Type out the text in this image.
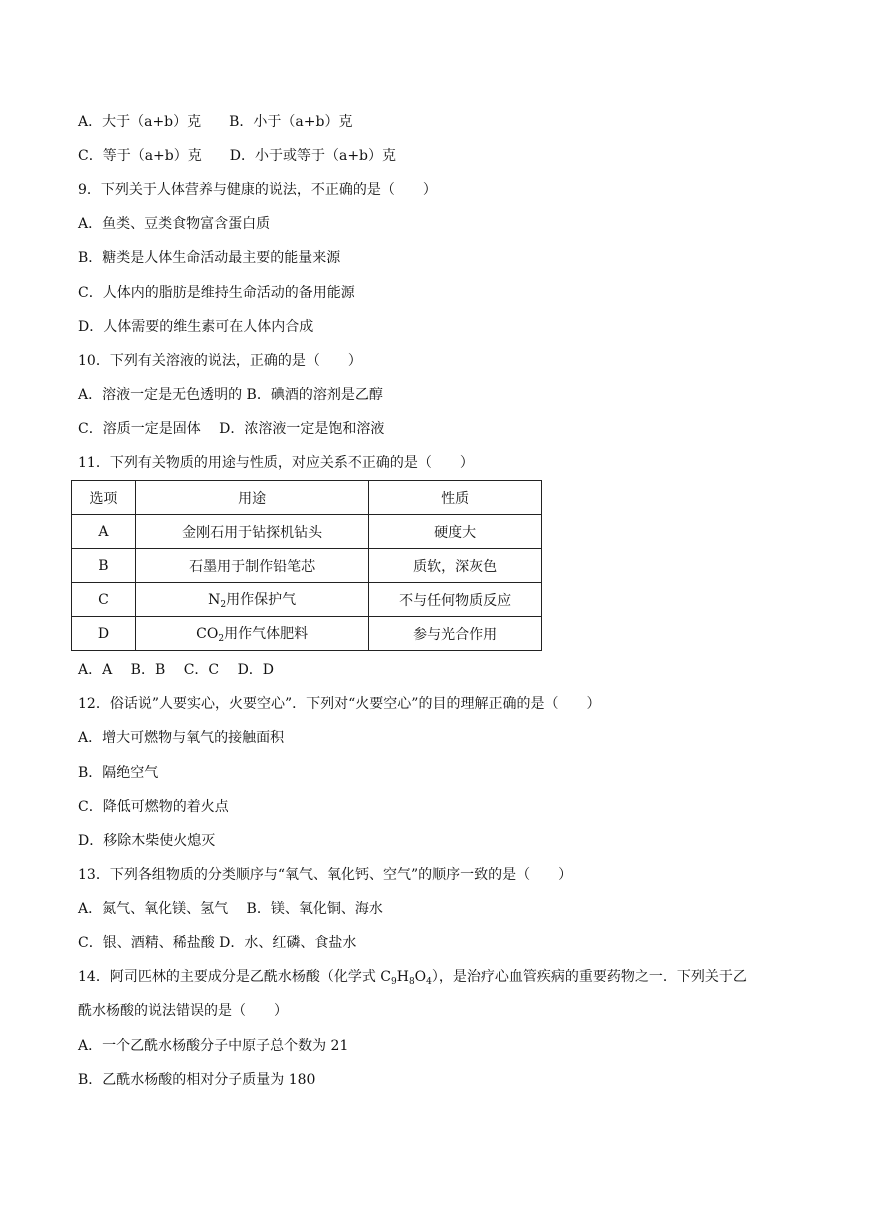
A．大于（a+b）克　　B．小于（a+b）克
C．等于（a+b）克　　D．小于或等于（a+b）克
9．下列关于人体营养与健康的说法，不正确的是（　　）
A．鱼类、豆类食物富含蛋白质
B．糖类是人体生命活动最主要的能量来源
C．人体内的脂肪是维持生命活动的备用能源
D．人体需要的维生素可在人体内合成
10．下列有关溶液的说法，正确的是（　　）
A．溶液一定是无色透明的 B．碘酒的溶剂是乙醇
C．溶质一定是固体　 D．浓溶液一定是饱和溶液
11．下列有关物质的用途与性质，对应关系不正确的是（　　）
选项	用途	性质
A	金刚石用于钻探机钻头	硬度大
B	石墨用于制作铅笔芯	质软，深灰色
C	$N_2$用作保护气	不与任何物质反应
D	$CO_2$用作气体肥料	参与光合作用
A．A　 B．B　 C．C　 D．D
12．俗话说”人要实心，火要空心”．下列对“火要空心”的目的理解正确的是（　　）
A．增大可燃物与氧气的接触面积
B．隔绝空气
C．降低可燃物的着火点
D．移除木柴使火熄灭
13．下列各组物质的分类顺序与“氧气、氧化钙、空气”的顺序一致的是（　　）
A．氮气、氧化镁、氢气　 B．镁、氧化铜、海水
C．银、酒精、稀盐酸 D．水、红磷、食盐水
14．阿司匹林的主要成分是乙酰水杨酸（化学式 $C_9H_8O_4$），是治疗心血管疾病的重要药物之一．下列关于乙
酰水杨酸的说法错误的是（　　）
A．一个乙酰水杨酸分子中原子总个数为 21
B．乙酰水杨酸的相对分子质量为 180
